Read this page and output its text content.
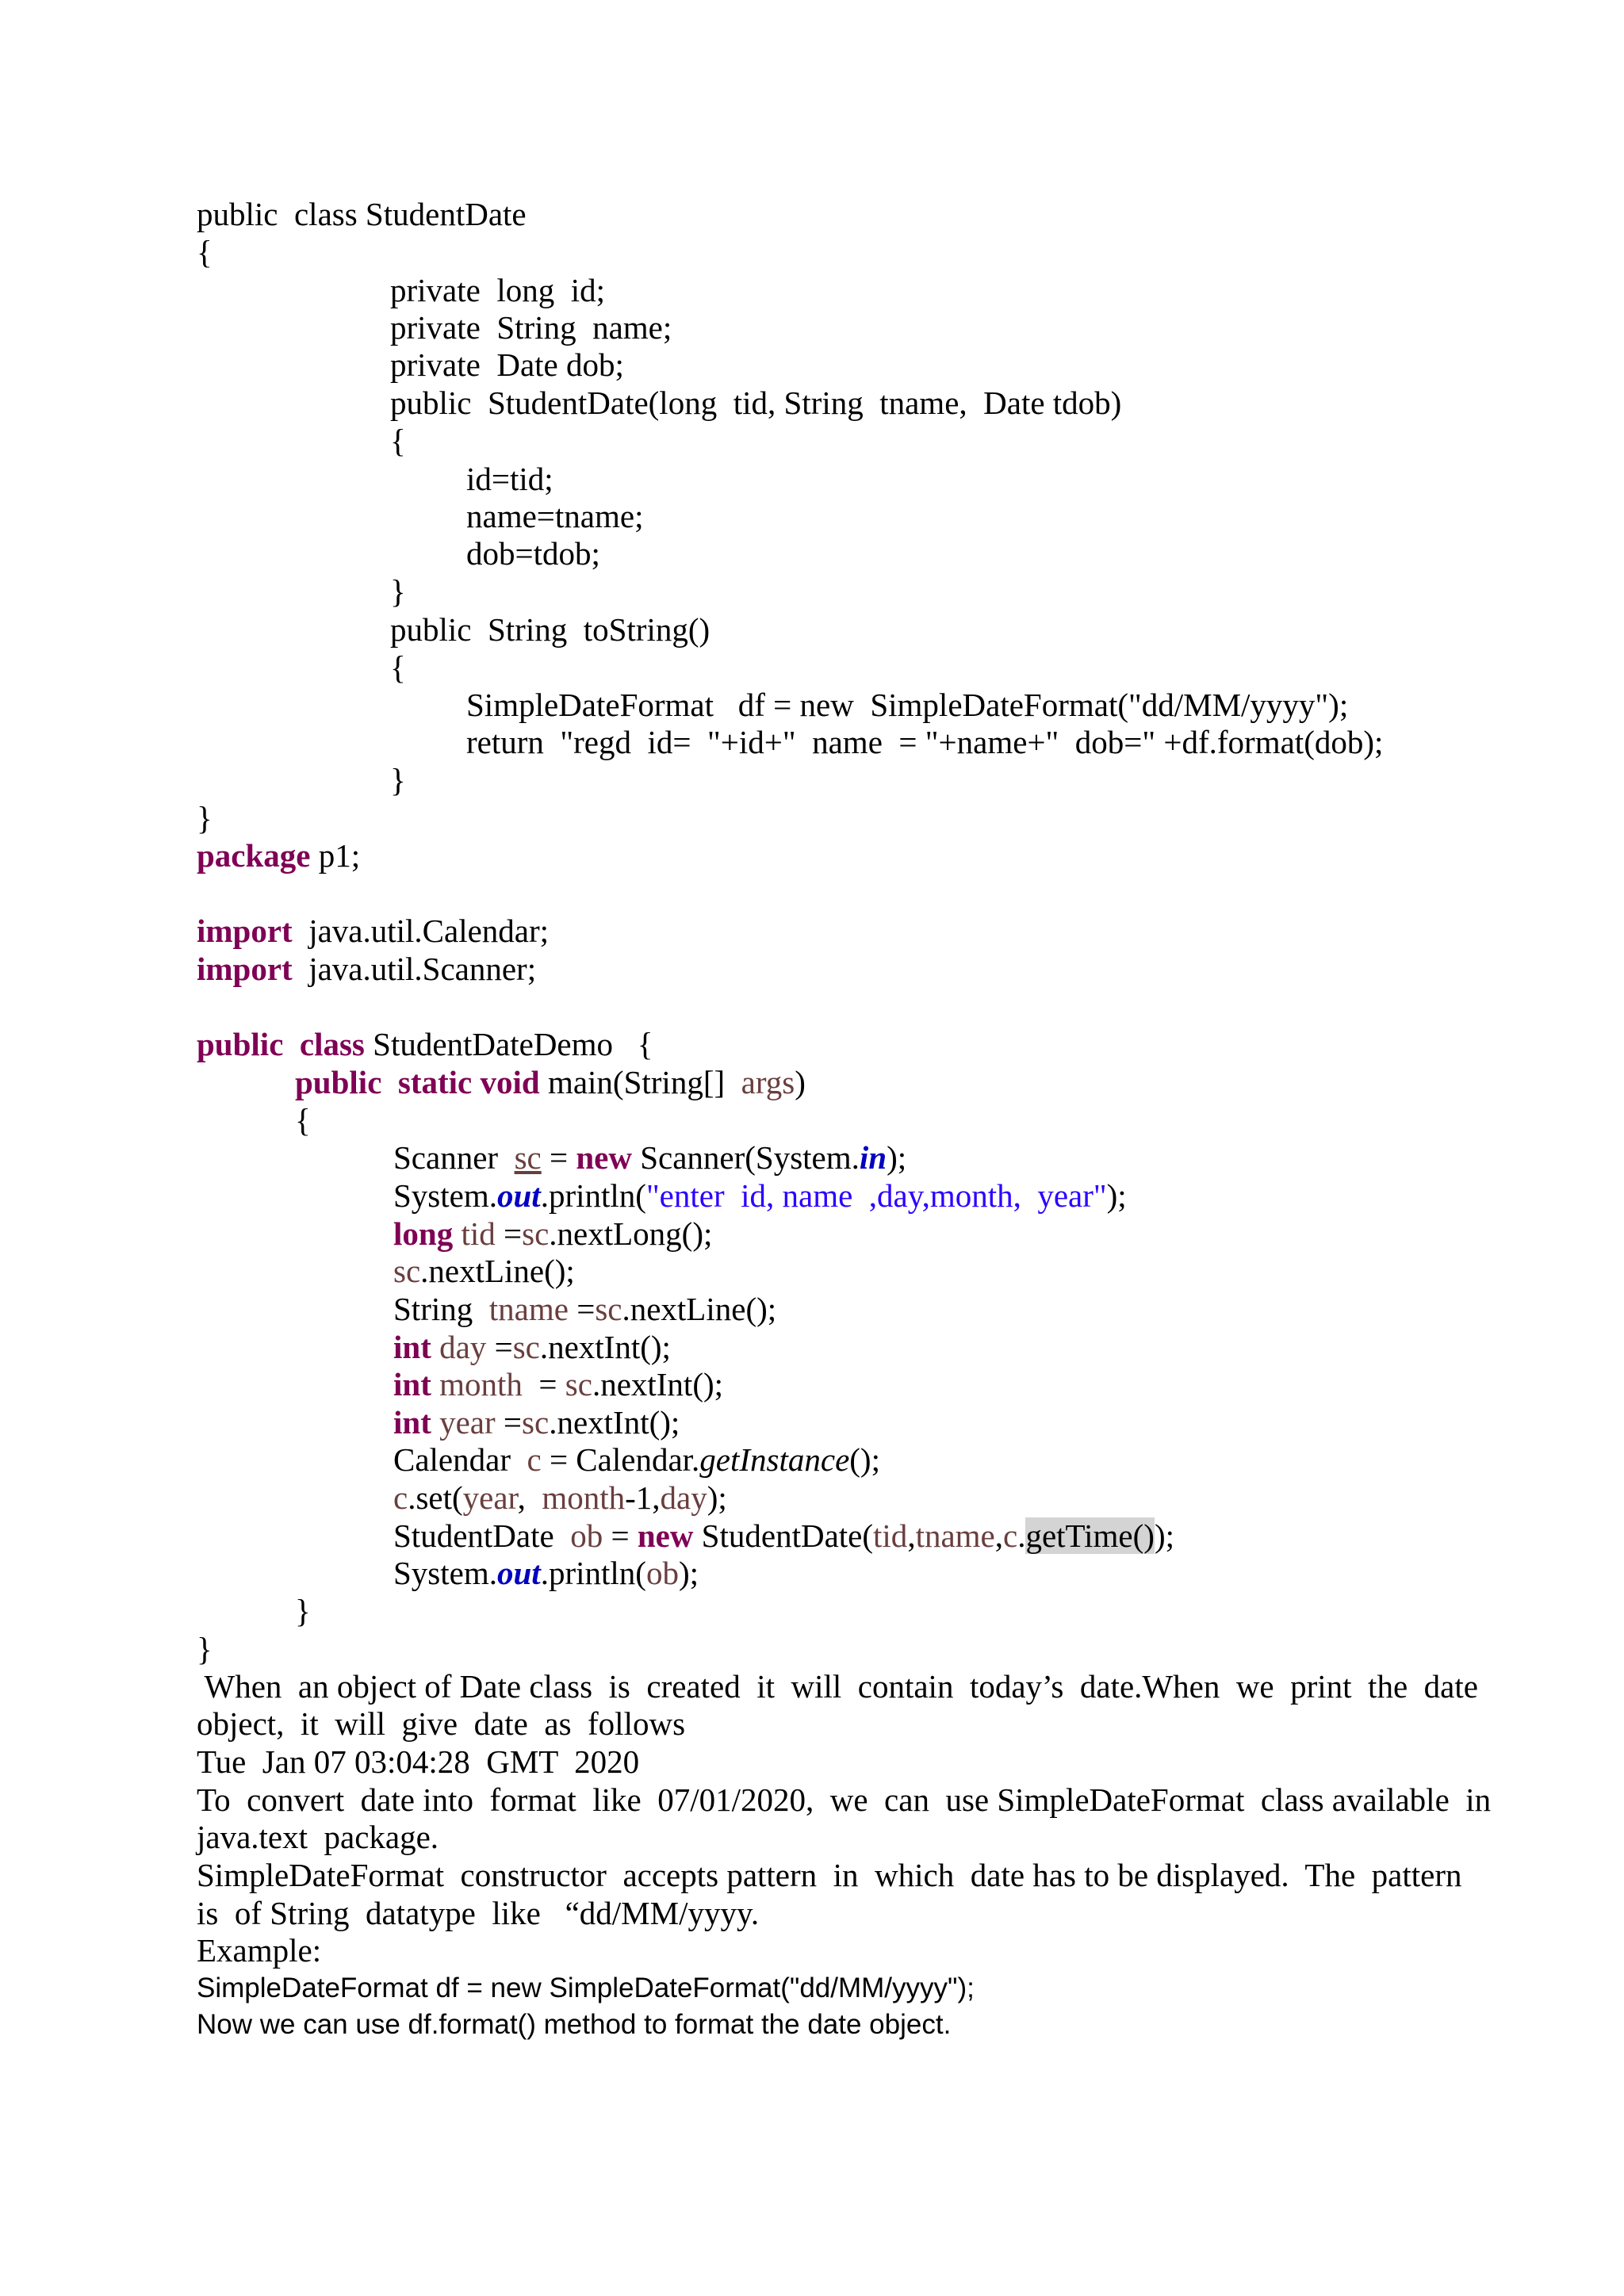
public  class StudentDate
{
private  long  id;
private  String  name;
private  Date dob;
public  StudentDate(long  tid, String  tname,  Date tdob)
{
id=tid;
name=tname;
dob=tdob;
}
public  String  toString()
{
SimpleDateFormat   df = new  SimpleDateFormat("dd/MM/yyyy");
return  "regd  id=  "+id+"  name  = "+name+"  dob=" +df.format(dob);
}
}
package p1;
import  java.util.Calendar;
import  java.util.Scanner;
public class StudentDateDemo   {
public static void main(String[]  args)
{
Scanner  sc = new Scanner(System.in);
System.out.println("enter  id, name  ,day,month,  year");
long tid =sc.nextLong();
sc.nextLine();
String  tname =sc.nextLine();
int day =sc.nextInt();
int month  = sc.nextInt();
int year =sc.nextInt();
Calendar  c = Calendar.getInstance();
c.set(year,  month-1,day);
StudentDate  ob = new StudentDate(tid,tname,c.getTime());
System.out.println(ob);
}
}
When  an object of Date class  is  created  it  will  contain  today’s  date.When  we  print  the  date
object,  it  will  give  date  as  follows
Tue  Jan 07 03:04:28  GMT  2020
To  convert  date into  format  like  07/01/2020,  we  can  use SimpleDateFormat  class available  in
java.text  package.
SimpleDateFormat  constructor  accepts pattern  in  which  date has to be displayed.  The  pattern
is  of String  datatype  like   “dd/MM/yyyy.
Example:
SimpleDateFormat df = new SimpleDateFormat("dd/MM/yyyy");
Now we can use df.format() method to format the date object.
